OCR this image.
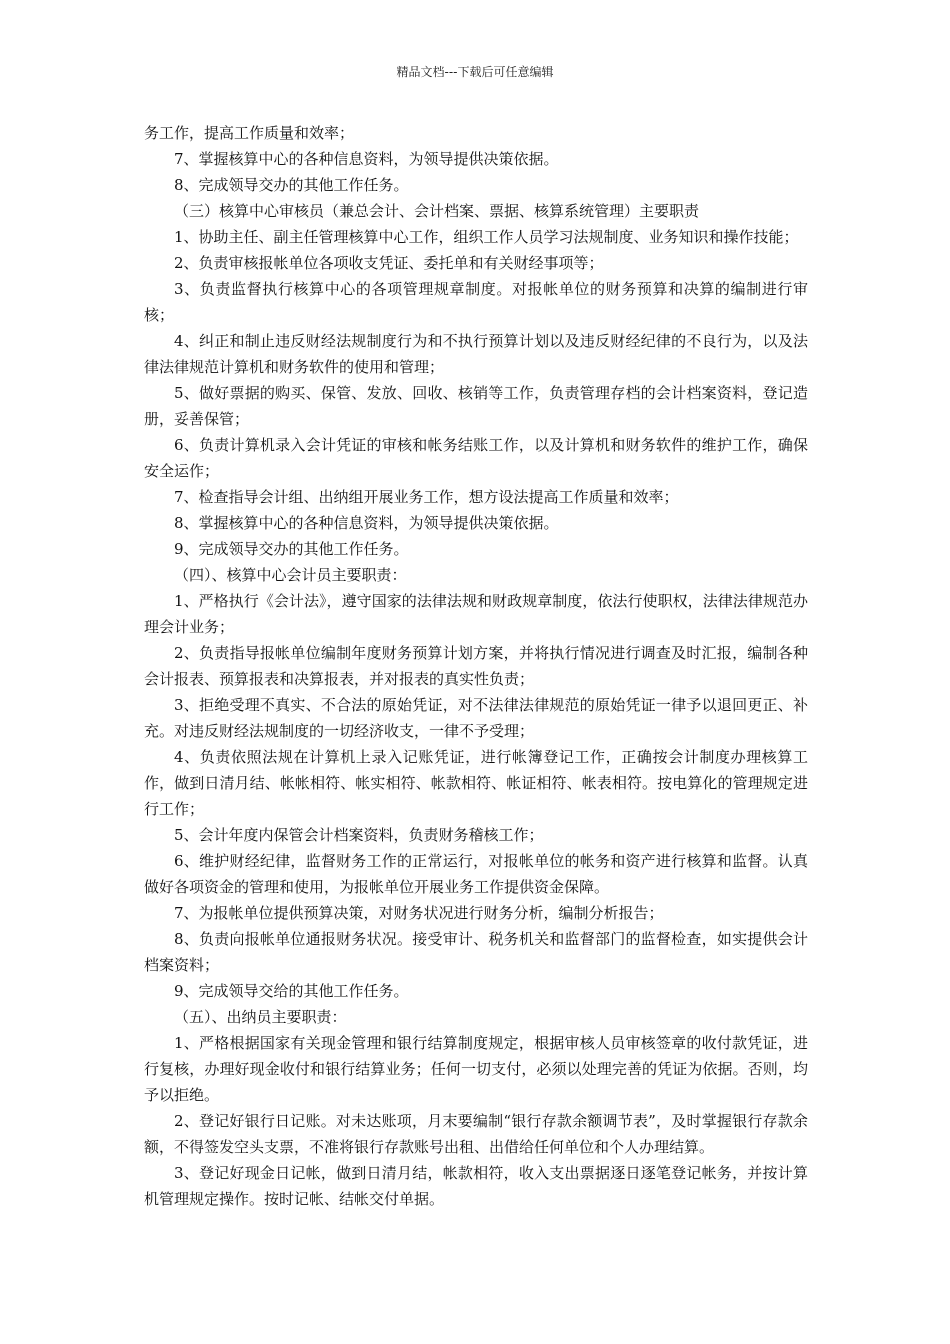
精品文档---下载后可任意编辑

务工作，提高工作质量和效率；

7、掌握核算中心的各种信息资料，为领导提供决策依据。

8、完成领导交办的其他工作任务。

（三）核算中心审核员（兼总会计、会计档案、票据、核算系统管理）主要职责

1、协助主任、副主任管理核算中心工作，组织工作人员学习法规制度、业务知识和操作技能；

2、负责审核报帐单位各项收支凭证、委托单和有关财经事项等；

3、负责监督执行核算中心的各项管理规章制度。对报帐单位的财务预算和决算的编制进行审核；

4、纠正和制止违反财经法规制度行为和不执行预算计划以及违反财经纪律的不良行为，以及法律法律规范计算机和财务软件的使用和管理；

5、做好票据的购买、保管、发放、回收、核销等工作，负责管理存档的会计档案资料，登记造册，妥善保管；

6、负责计算机录入会计凭证的审核和帐务结账工作，以及计算机和财务软件的维护工作，确保安全运作；

7、检查指导会计组、出纳组开展业务工作，想方设法提高工作质量和效率；

8、掌握核算中心的各种信息资料，为领导提供决策依据。

9、完成领导交办的其他工作任务。

（四）、核算中心会计员主要职责：

1、严格执行《会计法》，遵守国家的法律法规和财政规章制度，依法行使职权，法律法律规范办理会计业务；

2、负责指导报帐单位编制年度财务预算计划方案，并将执行情况进行调查及时汇报，编制各种会计报表、预算报表和决算报表，并对报表的真实性负责；

3、拒绝受理不真实、不合法的原始凭证，对不法律法律规范的原始凭证一律予以退回更正、补充。对违反财经法规制度的一切经济收支，一律不予受理；

4、负责依照法规在计算机上录入记账凭证，进行帐簿登记工作，正确按会计制度办理核算工作，做到日清月结、帐帐相符、帐实相符、帐款相符、帐证相符、帐表相符。按电算化的管理规定进行工作；

5、会计年度内保管会计档案资料，负责财务稽核工作；

6、维护财经纪律，监督财务工作的正常运行，对报帐单位的帐务和资产进行核算和监督。认真做好各项资金的管理和使用，为报帐单位开展业务工作提供资金保障。

7、为报帐单位提供预算决策，对财务状况进行财务分析，编制分析报告；

8、负责向报帐单位通报财务状况。接受审计、税务机关和监督部门的监督检查，如实提供会计档案资料；

9、完成领导交给的其他工作任务。

（五）、出纳员主要职责：

1、严格根据国家有关现金管理和银行结算制度规定，根据审核人员审核签章的收付款凭证，进行复核，办理好现金收付和银行结算业务；任何一切支付，必须以处理完善的凭证为依据。否则，均予以拒绝。

2、登记好银行日记账。对未达账项，月末要编制“银行存款余额调节表”，及时掌握银行存款余额，不得签发空头支票，不准将银行存款账号出租、出借给任何单位和个人办理结算。

3、登记好现金日记帐，做到日清月结，帐款相符，收入支出票据逐日逐笔登记帐务，并按计算机管理规定操作。按时记帐、结帐交付单据。
